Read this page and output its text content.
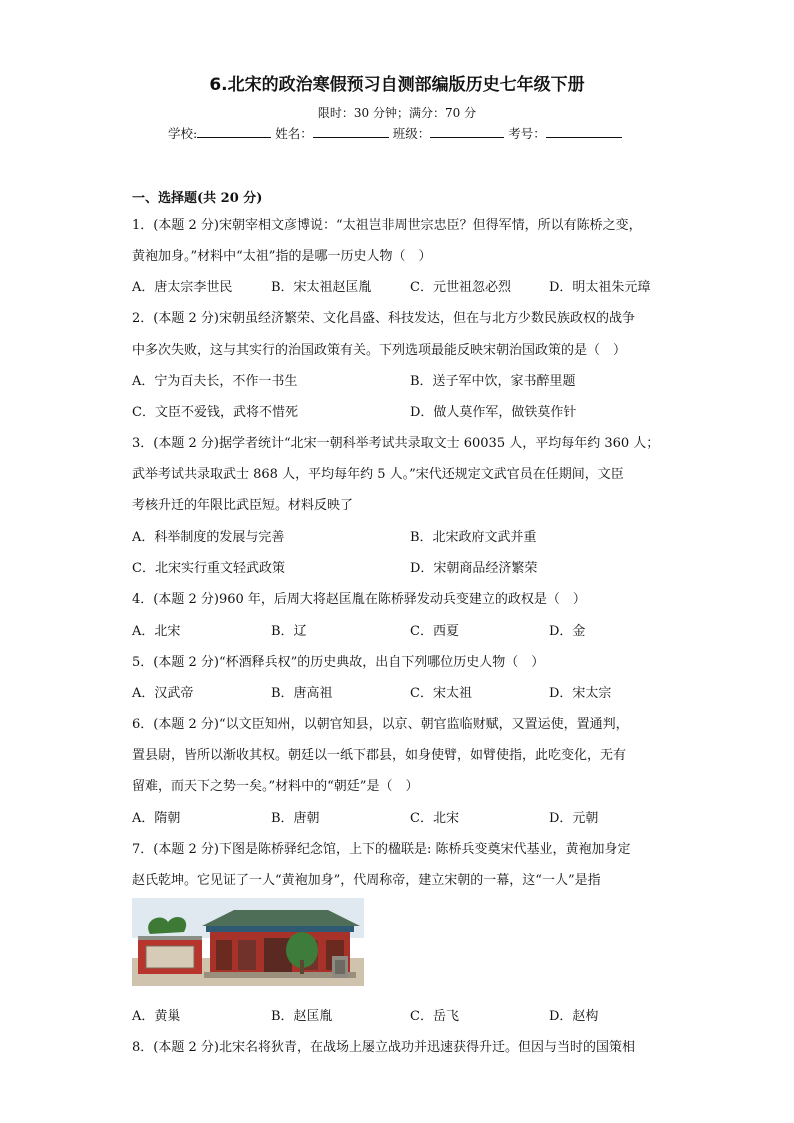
6.北宋的政治寒假预习自测部编版历史七年级下册
限时：30 分钟；满分：70 分
学校:	姓名：	班级：	考号：
一、选择题(共 20 分)
1．(本题 2 分)宋朝宰相文彦博说：“太祖岂非周世宗忠臣？但得军情，所以有陈桥之变，
黄袍加身。”材料中“太祖”指的是哪一历史人物（　）
A．唐太宗李世民	B．宋太祖赵匡胤	C．元世祖忽必烈	D．明太祖朱元璋
2．(本题 2 分)宋朝虽经济繁荣、文化昌盛、科技发达，但在与北方少数民族政权的战争
中多次失败，这与其实行的治国政策有关。下列选项最能反映宋朝治国政策的是（　）
A．宁为百夫长，不作一书生	B．送子军中饮，家书醉里题
C．文臣不爱钱，武将不惜死	D．做人莫作军，做铁莫作针
3．(本题 2 分)据学者统计“北宋一朝科举考试共录取文士 60035 人，平均每年约 360 人；
武举考试共录取武士 868 人，平均每年约 5 人。”宋代还规定文武官员在任期间，文臣
考核升迁的年限比武臣短。材料反映了
A．科举制度的发展与完善	B．北宋政府文武并重
C．北宋实行重文轻武政策	D．宋朝商品经济繁荣
4．(本题 2 分)960 年，后周大将赵匡胤在陈桥驿发动兵变建立的政权是（　）
A．北宋	B．辽	C．西夏	D．金
5．(本题 2 分)“杯酒释兵权”的历史典故，出自下列哪位历史人物（　）
A．汉武帝	B．唐高祖	C．宋太祖	D．宋太宗
6．(本题 2 分)“以文臣知州，以朝官知县，以京、朝官监临财赋，又置运使，置通判，
置县尉，皆所以渐收其权。朝廷以一纸下郡县，如身使臂，如臂使指，此吃变化，无有
留难，而天下之势一矣。”材料中的“朝廷”是（　）
A．隋朝	B．唐朝	C．北宋	D．元朝
7．(本题 2 分)下图是陈桥驿纪念馆，上下的楹联是: 陈桥兵变奠宋代基业，黄袍加身定
赵氏乾坤。它见证了一人“黄袍加身”，代周称帝，建立宋朝的一幕，这“一人”是指
A．黄巢	B．赵匡胤	C．岳飞	D．赵构
8．(本题 2 分)北宋名将狄青，在战场上屡立战功并迅速获得升迁。但因与当时的国策相
